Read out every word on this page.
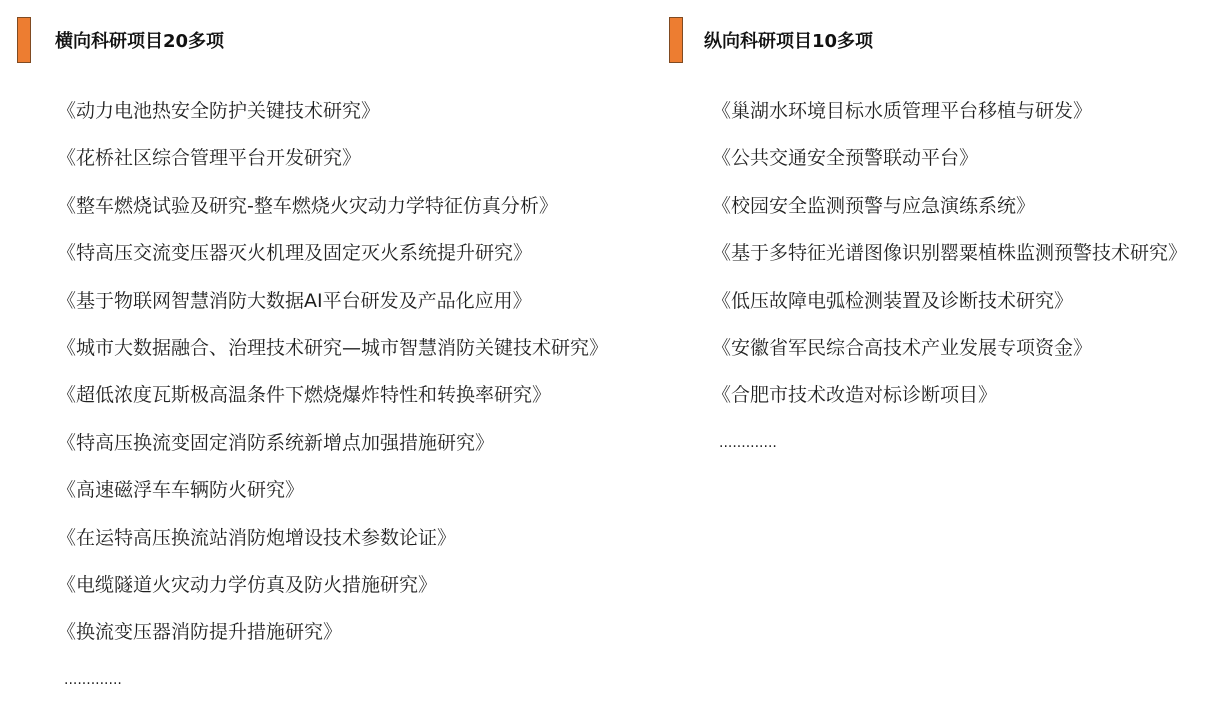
横向科研项目20多项
《动力电池热安全防护关键技术研究》
《花桥社区综合管理平台开发研究》
《整车燃烧试验及研究-整车燃烧火灾动力学特征仿真分析》
《特高压交流变压器灭火机理及固定灭火系统提升研究》
《基于物联网智慧消防大数据AI平台研发及产品化应用》
《城市大数据融合、治理技术研究—城市智慧消防关键技术研究》
《超低浓度瓦斯极高温条件下燃烧爆炸特性和转换率研究》
《特高压换流变固定消防系统新增点加强措施研究》
《高速磁浮车车辆防火研究》
《在运特高压换流站消防炮增设技术参数论证》
《电缆隧道火灾动力学仿真及防火措施研究》
《换流变压器消防提升措施研究》
.............
纵向科研项目10多项
《巢湖水环境目标水质管理平台移植与研发》
《公共交通安全预警联动平台》
《校园安全监测预警与应急演练系统》
《基于多特征光谱图像识别罂粟植株监测预警技术研究》
《低压故障电弧检测装置及诊断技术研究》
《安徽省军民综合高技术产业发展专项资金》
《合肥市技术改造对标诊断项目》
.............
